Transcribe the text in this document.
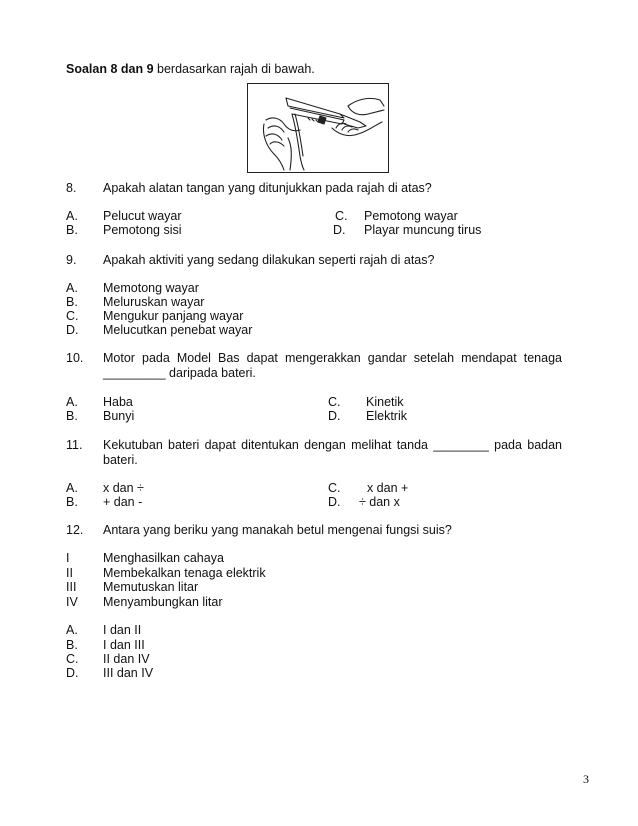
Soalan 8 dan 9 berdasarkan rajah di bawah.
8. Apakah alatan tangan yang ditunjukkan pada rajah di atas?
A. Pelucut wayar	C. Pemotong wayar
B. Pemotong sisi	D. Playar muncung tirus
9. Apakah aktiviti yang sedang dilakukan seperti rajah di atas?
A. Memotong wayar
B. Meluruskan wayar
C. Mengukur panjang wayar
D. Melucutkan penebat wayar
10. Motor pada Model Bas dapat mengerakkan gandar setelah mendapat tenaga
_________ daripada bateri.
A. Haba	C. Kinetik
B. Bunyi	D. Elektrik
11. Kekutuban bateri dapat ditentukan dengan melihat tanda ________ pada badan
bateri.
A. x dan ÷	C. x dan +
B. + dan -	D. ÷ dan x
12. Antara yang beriku yang manakah betul mengenai fungsi suis?
I	Menghasilkan cahaya
II Membekalkan tenaga elektrik
III Memutuskan litar
IV Menyambungkan litar
A. I dan II
B. I dan III
C. II dan IV
D. III dan IV
3
